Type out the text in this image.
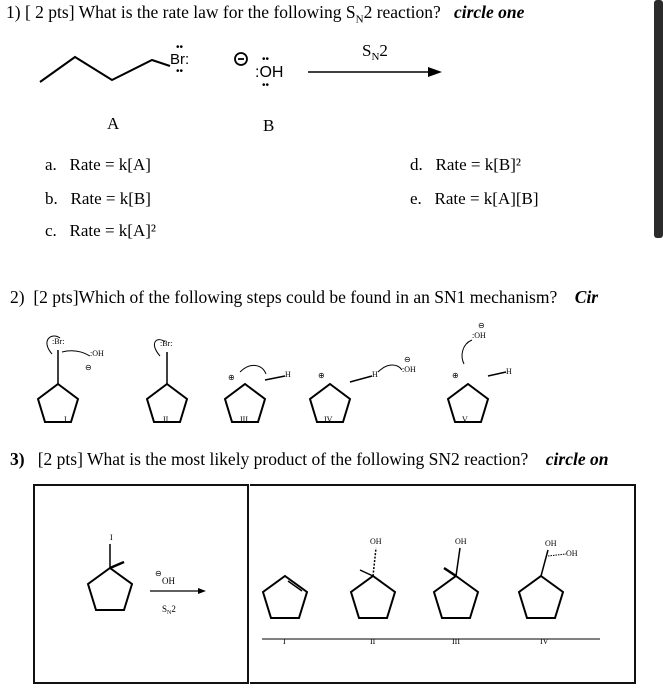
1) [ 2 pts] What is the rate law for the following $S_N2$ reaction? circle one
Br:
••
••	:OH
••
••
$S_N2$
A	B
a. Rate = k[A]
b. Rate = k[B]
c. Rate = k[A]²
d. Rate = k[B]²
e. Rate = k[A][B]
2) [2 pts]Which of the following steps could be found in an SN1 mechanism? Cir
:Br:
⊖
:OH
I
:Br:
II
⊕	H
III
⊕	H
⊖
:OH
IV
⊕	H
⊖
:OH
V
3) [2 pts] What is the most likely product of the following SN2 reaction? circle on
I
⊖
OH
$S_N2$
OH	OH	OH
OH
I	II	III	IV
